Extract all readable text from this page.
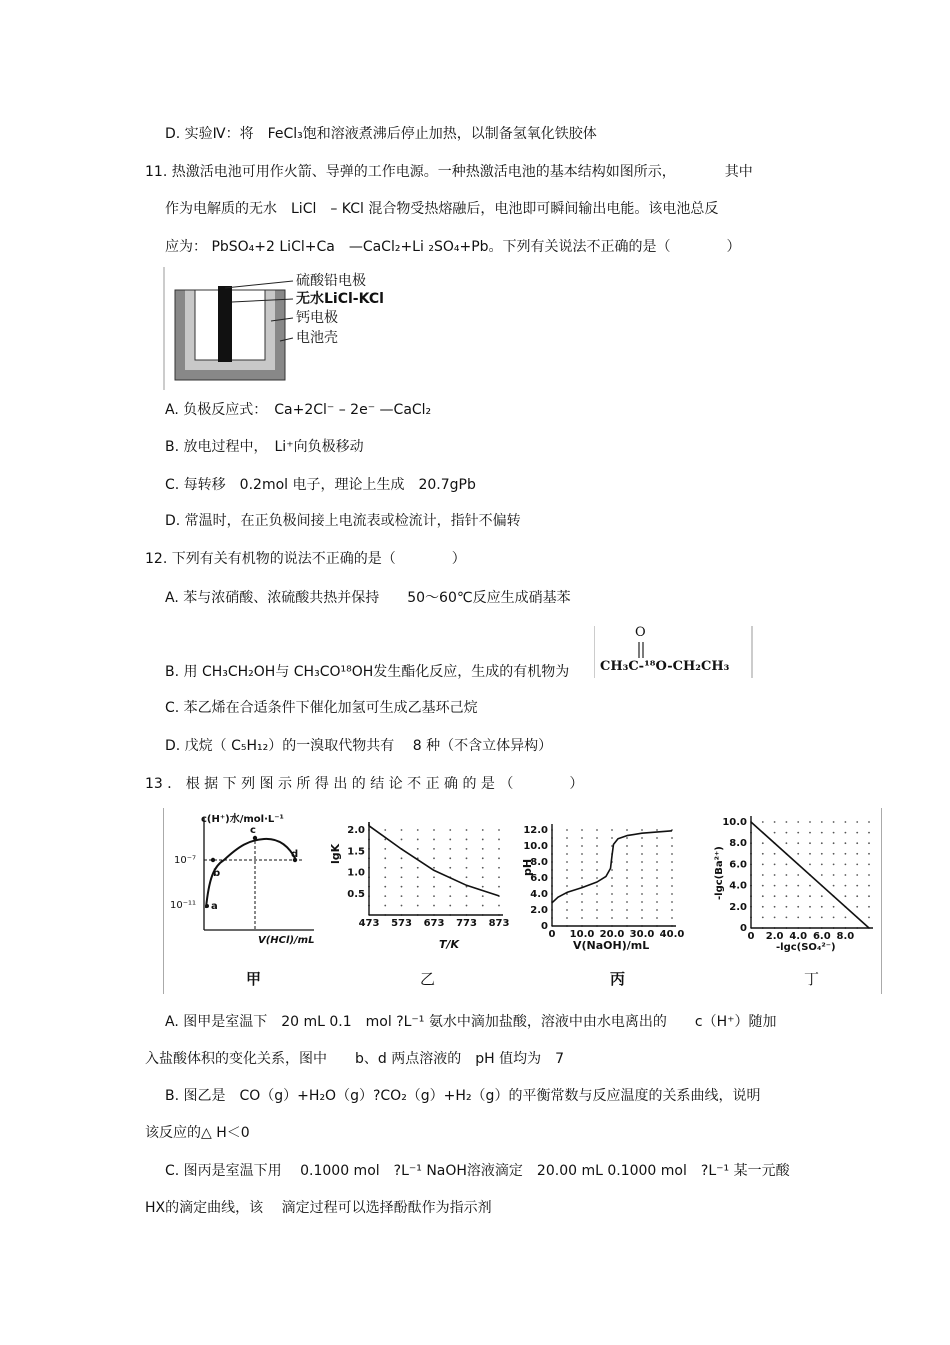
D. 实验Ⅳ：将　FeCl₃饱和溶液煮沸后停止加热，以制备氢氧化铁胶体
11. 热激活电池可用作火箭、导弹的工作电源。一种热激活电池的基本结构如图所示，　　　　其中
作为电解质的无水　LiCl　– KCl 混合物受热熔融后，电池即可瞬间输出电能。该电池总反
应为： PbSO₄+2 LiCl+Ca　—CaCl₂+Li ₂SO₄+Pb。下列有关说法不正确的是（　　　　）
硫酸铅电极
无水LiCl-KCl
钙电极
电池壳
A. 负极反应式：　Ca+2Cl⁻ – 2e⁻ —CaCl₂
B. 放电过程中，　Li⁺向负极移动
C. 每转移　0.2mol 电子，理论上生成　20.7gPb
D. 常温时，在正负极间接上电流表或检流计，指针不偏转
12. 下列有关有机物的说法不正确的是（　　　　）
A. 苯与浓硝酸、浓硫酸共热并保持　　50～60℃反应生成硝基苯
O
CH₃C-¹⁸O-CH₂CH₃
B. 用 CH₃CH₂OH与 CH₃CO¹⁸OH发生酯化反应，生成的有机物为
C. 苯乙烯在合适条件下催化加氢可生成乙基环己烷
D. 戊烷（ C₅H₁₂）的一溴取代物共有　 8 种（不含立体异构）
13 ． 根 据 下 列 图 示 所 得 出 的 结 论 不 正 确 的 是 （　　　　）
473 573 673 773 873
0.5
1.0
1.5
2.0
0 10.0 20.0 30.0 40.0
0
2.0
4.0
6.0
8.0
10.0
12.0
0 2.0 4.0 6.0 8.0
0
2.0
4.0
6.0
8.0
10.0
c(H⁺)水/mol·L⁻¹
10⁻⁷
10⁻¹¹ a
b
c
d
V(HCl)/mL
甲
lgK
T/K
乙
pH
V(NaOH)/mL
丙
-lgc(Ba²⁺)
-lgc(SO₄²⁻)
丁
A. 图甲是室温下　20 mL 0.1　mol ?L⁻¹ 氨水中滴加盐酸，溶液中由水电离出的　　c（H⁺）随加
入盐酸体积的变化关系，图中　　b、d 两点溶液的　pH 值均为　7
B. 图乙是　CO（g）+H₂O（g）?CO₂（g）+H₂（g）的平衡常数与反应温度的关系曲线，说明
该反应的△ H＜0
C. 图丙是室温下用　 0.1000 mol　?L⁻¹ NaOH溶液滴定　20.00 mL 0.1000 mol　?L⁻¹ 某一元酸
HX的滴定曲线，该　 滴定过程可以选择酚酞作为指示剂
